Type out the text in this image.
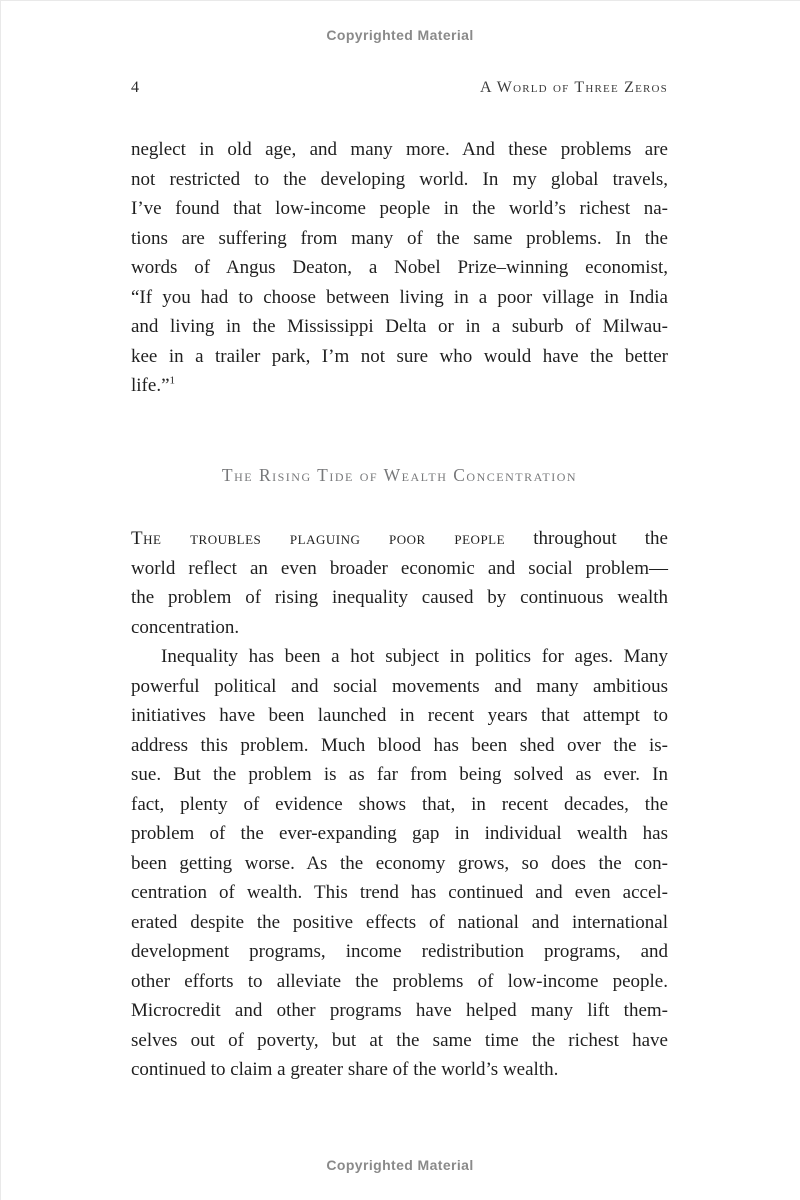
Copyrighted Material
4	A World of Three Zeros
neglect in old age, and many more. And these problems are
not restricted to the developing world. In my global travels,
I’ve found that low-income people in the world’s richest na-
tions are suffering from many of the same problems. In the
words of Angus Deaton, a Nobel Prize–winning economist,
“If you had to choose between living in a poor village in India
and living in the Mississippi Delta or in a suburb of Milwau-
kee in a trailer park, I’m not sure who would have the better
life.”$^1$
The Rising Tide of Wealth Concentration
The troubles plaguing poor people throughout the
world reflect an even broader economic and social problem—
the problem of rising inequality caused by continuous wealth
concentration.
Inequality has been a hot subject in politics for ages. Many
powerful political and social movements and many ambitious
initiatives have been launched in recent years that attempt to
address this problem. Much blood has been shed over the is-
sue. But the problem is as far from being solved as ever. In
fact, plenty of evidence shows that, in recent decades, the
problem of the ever-expanding gap in individual wealth has
been getting worse. As the economy grows, so does the con-
centration of wealth. This trend has continued and even accel-
erated despite the positive effects of national and international
development programs, income redistribution programs, and
other efforts to alleviate the problems of low-income people.
Microcredit and other programs have helped many lift them-
selves out of poverty, but at the same time the richest have
continued to claim a greater share of the world’s wealth.
Copyrighted Material
